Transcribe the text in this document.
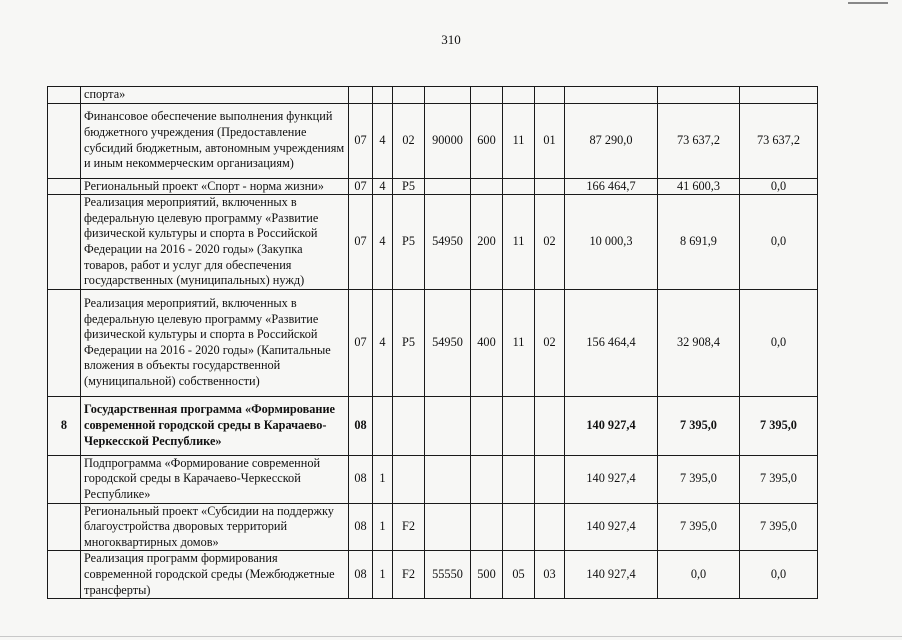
310
	спорта»										
	Финансовое обеспечение выполнения функций бюджетного учреждения (Предоставление субсидий бюджетным, автономным учреждениям и иным некоммерческим организациям)	07	4	02	90000	600	11	01	87 290,0	73 637,2	73 637,2
	Региональный проект «Спорт - норма жизни»	07	4	P5					166 464,7	41 600,3	0,0
	Реализация мероприятий, включенных в федеральную целевую программу «Развитие физической культуры и спорта в Российской Федерации на 2016 - 2020 годы» (Закупка товаров, работ и услуг для обеспечения государственных (муниципальных) нужд)	07	4	P5	54950	200	11	02	10 000,3	8 691,9	0,0
	Реализация мероприятий, включенных в федеральную целевую программу «Развитие физической культуры и спорта в Российской Федерации на 2016 - 2020 годы» (Капитальные вложения в объекты государственной (муниципальной) собственности)	07	4	P5	54950	400	11	02	156 464,4	32 908,4	0,0
8	Государственная программа «Формирование современной городской среды в Карачаево-Черкесской Республике»	08							140 927,4	7 395,0	7 395,0
	Подпрограмма «Формирование современной городской среды в Карачаево-Черкесской Республике»	08	1						140 927,4	7 395,0	7 395,0
	Региональный проект «Субсидии на поддержку благоустройства дворовых территорий многоквартирных домов»	08	1	F2					140 927,4	7 395,0	7 395,0
	Реализация программ формирования современной городской среды (Межбюджетные трансферты)	08	1	F2	55550	500	05	03	140 927,4	0,0	0,0
